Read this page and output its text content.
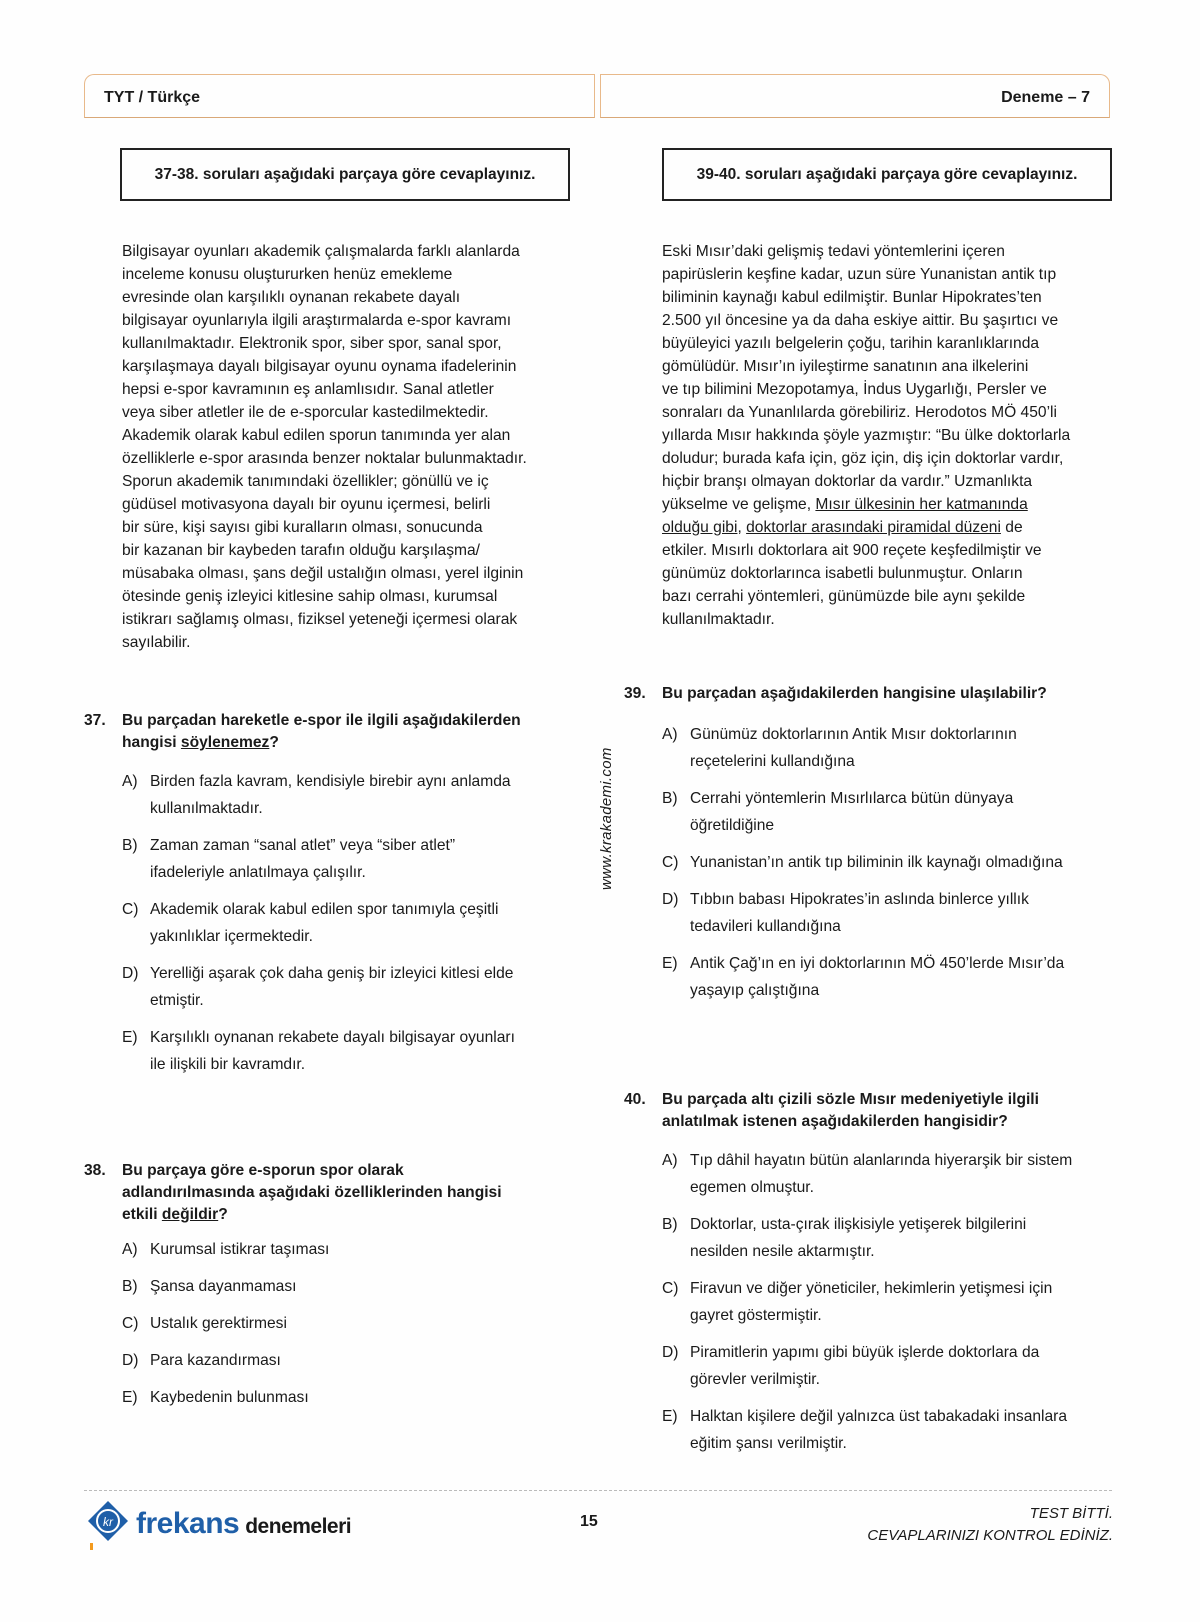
TYT / Türkçe	Deneme – 7
37-38. soruları aşağıdaki parçaya göre cevaplayınız.	39-40. soruları aşağıdaki parçaya göre cevaplayınız.
Bilgisayar oyunları akademik çalışmalarda farklı alanlarda
inceleme konusu oluştururken henüz emekleme
evresinde olan karşılıklı oynanan rekabete dayalı
bilgisayar oyunlarıyla ilgili araştırmalarda e-spor kavramı
kullanılmaktadır. Elektronik spor, siber spor, sanal spor,
karşılaşmaya dayalı bilgisayar oyunu oynama ifadelerinin
hepsi e-spor kavramının eş anlamlısıdır. Sanal atletler
veya siber atletler ile de e-sporcular kastedilmektedir.
Akademik olarak kabul edilen sporun tanımında yer alan
özelliklerle e-spor arasında benzer noktalar bulunmaktadır.
Sporun akademik tanımındaki özellikler; gönüllü ve iç
güdüsel motivasyona dayalı bir oyunu içermesi, belirli
bir süre, kişi sayısı gibi kuralların olması, sonucunda
bir kazanan bir kaybeden tarafın olduğu karşılaşma/
müsabaka olması, şans değil ustalığın olması, yerel ilginin
ötesinde geniş izleyici kitlesine sahip olması, kurumsal
istikrarı sağlamış olması, fiziksel yeteneği içermesi olarak
sayılabilir.
Eski Mısır’daki gelişmiş tedavi yöntemlerini içeren
papirüslerin keşfine kadar, uzun süre Yunanistan antik tıp
biliminin kaynağı kabul edilmiştir. Bunlar Hipokrates’ten
2.500 yıl öncesine ya da daha eskiye aittir. Bu şaşırtıcı ve
büyüleyici yazılı belgelerin çoğu, tarihin karanlıklarında
gömülüdür. Mısır’ın iyileştirme sanatının ana ilkelerini
ve tıp bilimini Mezopotamya, İndus Uygarlığı, Persler ve
sonraları da Yunanlılarda görebiliriz. Herodotos MÖ 450’li
yıllarda Mısır hakkında şöyle yazmıştır: “Bu ülke doktorlarla
doludur; burada kafa için, göz için, diş için doktorlar vardır,
hiçbir branşı olmayan doktorlar da vardır.” Uzmanlıkta
yükselme ve gelişme, Mısır ülkesinin her katmanında
olduğu gibi, doktorlar arasındaki piramidal düzeni de
etkiler. Mısırlı doktorlara ait 900 reçete keşfedilmiştir ve
günümüz doktorlarınca isabetli bulunmuştur. Onların
bazı cerrahi yöntemleri, günümüzde bile aynı şekilde
kullanılmaktadır.
www.krakademi.com
37.	Bu parçadan hareketle e-spor ile ilgili aşağıdakilerden
hangisi söylenemez?
A) Birden fazla kavram, kendisiyle birebir aynı anlamda
kullanılmaktadır.
B) Zaman zaman “sanal atlet” veya “siber atlet”
ifadeleriyle anlatılmaya çalışılır.
C) Akademik olarak kabul edilen spor tanımıyla çeşitli
yakınlıklar içermektedir.
D) Yerelliği aşarak çok daha geniş bir izleyici kitlesi elde
etmiştir.
E) Karşılıklı oynanan rekabete dayalı bilgisayar oyunları
ile ilişkili bir kavramdır.
38.	Bu parçaya göre e-sporun spor olarak
adlandırılmasında aşağıdaki özelliklerinden hangisi
etkili değildir?
A) Kurumsal istikrar taşıması
B) Şansa dayanmaması
C) Ustalık gerektirmesi
D) Para kazandırması
E) Kaybedenin bulunması
39.	Bu parçadan aşağıdakilerden hangisine ulaşılabilir?
A) Günümüz doktorlarının Antik Mısır doktorlarının
reçetelerini kullandığına
B) Cerrahi yöntemlerin Mısırlılarca bütün dünyaya
öğretildiğine
C) Yunanistan’ın antik tıp biliminin ilk kaynağı olmadığına
D) Tıbbın babası Hipokrates’in aslında binlerce yıllık
tedavileri kullandığına
E) Antik Çağ’ın en iyi doktorlarının MÖ 450’lerde Mısır’da
yaşayıp çalıştığına
40.	Bu parçada altı çizili sözle Mısır medeniyetiyle ilgili
anlatılmak istenen aşağıdakilerden hangisidir?
A) Tıp dâhil hayatın bütün alanlarında hiyerarşik bir sistem
egemen olmuştur.
B) Doktorlar, usta-çırak ilişkisiyle yetişerek bilgilerini
nesilden nesile aktarmıştır.
C) Firavun ve diğer yöneticiler, hekimlerin yetişmesi için
gayret göstermiştir.
D) Piramitlerin yapımı gibi büyük işlerde doktorlara da
görevler verilmiştir.
E) Halktan kişilere değil yalnızca üst tabakadaki insanlara
eğitim şansı verilmiştir.
kr frekans denemeleri	15	TEST BİTTİ.
CEVAPLARINIZI KONTROL EDİNİZ.
